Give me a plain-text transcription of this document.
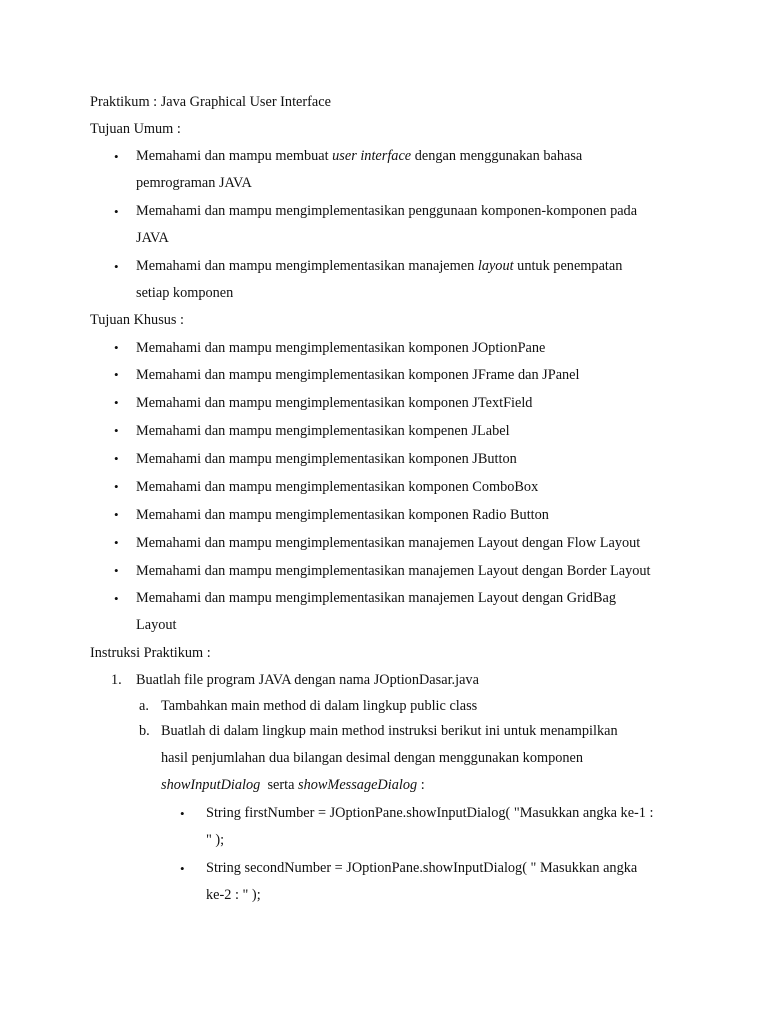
Praktikum : Java Graphical User Interface

Tujuan Umum :

• Memahami dan mampu membuat user interface dengan menggunakan bahasa
pemrograman JAVA
• Memahami dan mampu mengimplementasikan penggunaan komponen-komponen pada
JAVA
• Memahami dan mampu mengimplementasikan manajemen layout untuk penempatan
setiap komponen

Tujuan Khusus :

• Memahami dan mampu mengimplementasikan komponen JOptionPane
• Memahami dan mampu mengimplementasikan komponen JFrame dan JPanel
• Memahami dan mampu mengimplementasikan komponen JTextField
• Memahami dan mampu mengimplementasikan kompenen JLabel
• Memahami dan mampu mengimplementasikan komponen JButton
• Memahami dan mampu mengimplementasikan komponen ComboBox
• Memahami dan mampu mengimplementasikan komponen Radio Button
• Memahami dan mampu mengimplementasikan manajemen Layout dengan Flow Layout
• Memahami dan mampu mengimplementasikan manajemen Layout dengan Border Layout
• Memahami dan mampu mengimplementasikan manajemen Layout dengan GridBag
Layout

Instruksi Praktikum :

1. Buatlah file program JAVA dengan nama JOptionDasar.java
a. Tambahkan main method di dalam lingkup public class
b. Buatlah di dalam lingkup main method instruksi berikut ini untuk menampilkan
hasil penjumlahan dua bilangan desimal dengan menggunakan komponen
showInputDialog  serta showMessageDialog :
• String firstNumber = JOptionPane.showInputDialog( "Masukkan angka ke-1 :
" );
• String secondNumber = JOptionPane.showInputDialog( " Masukkan angka
ke-2 : " );
